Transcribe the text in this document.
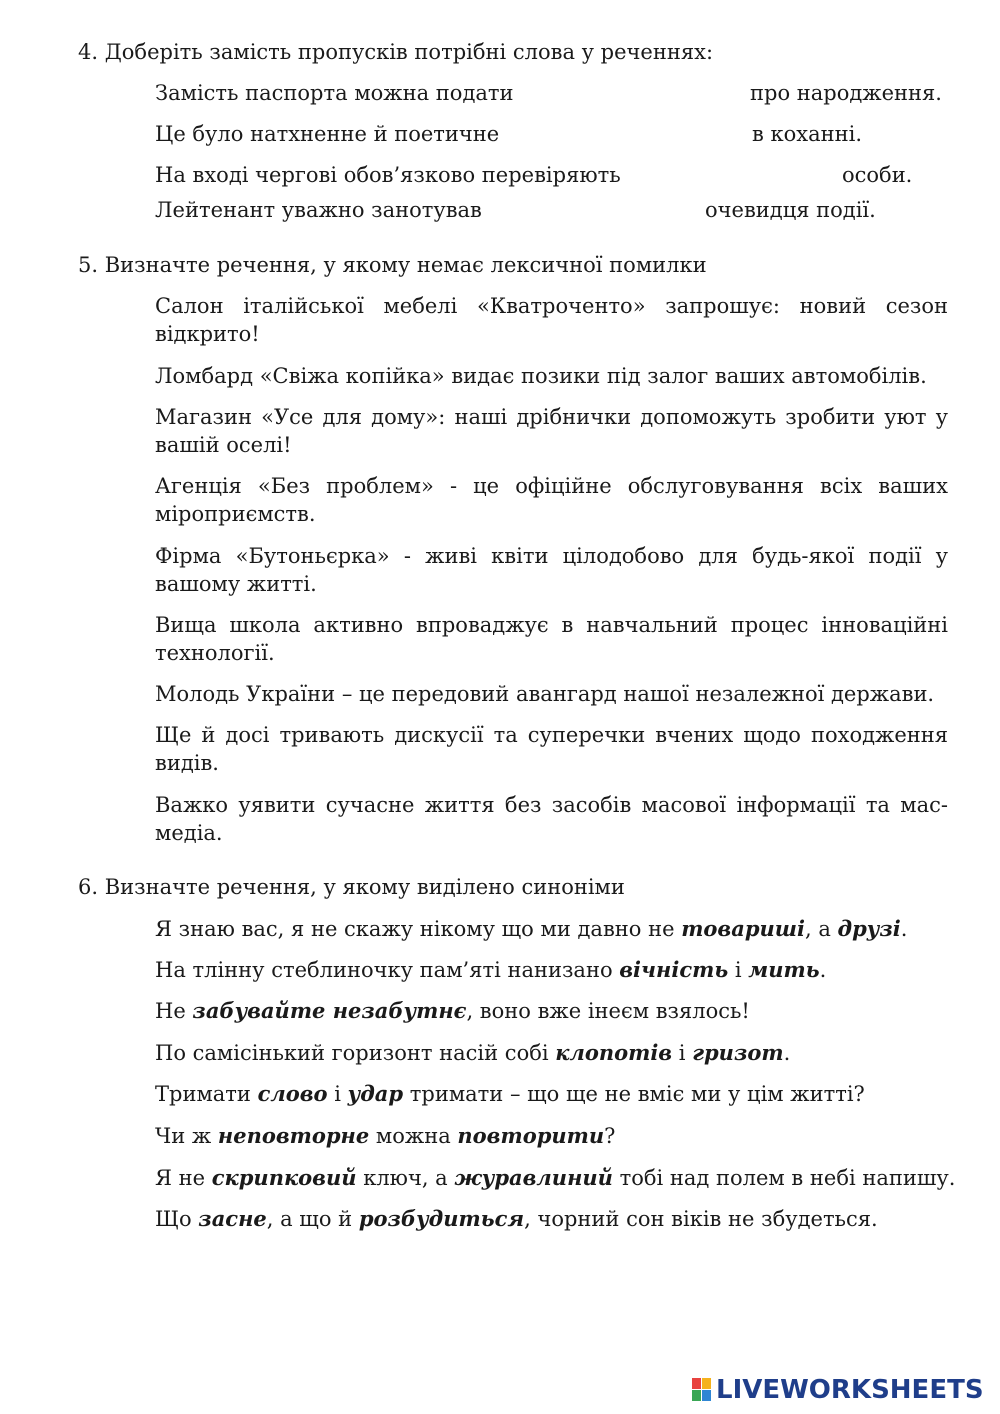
4. Доберіть замість пропусків потрібні слова у реченнях:
Замість паспорта можна подати	про народження.
Це було натхненне й поетичне	в коханні.
На вході чергові обов’язково перевіряють	особи.
Лейтенант уважно занотував	очевидця події.
5. Визначте речення, у якому немає лексичної помилки

Салон італійської мебелі «Кватроченто» запрошує: новий сезон відкрито!

Ломбард «Свіжа копійка» видає позики під залог ваших автомобілів.

Магазин «Усе для дому»: наші дрібнички допоможуть зробити уют у вашій оселі!

Агенція «Без проблем» - це офіційне обслуговування всіх ваших міроприємств.

Фірма «Бутоньєрка» - живі квіти цілодобово для будь-якої події у вашому житті.

Вища школа активно впроваджує в навчальний процес інноваційні технології.

Молодь України – це передовий авангард нашої незалежної держави.

Ще й досі тривають дискусії та суперечки вчених щодо походження видів.

Важко уявити сучасне життя без засобів масової інформації та мас-медіа.

6. Визначте речення, у якому виділено синоніми

Я знаю вас, я не скажу нікому що ми давно не товариші, а друзі.

На тлінну стеблиночку пам’яті нанизано вічність і мить.

Не забувайте незабутнє, воно вже інеєм взялось!

По самісінький горизонт насій собі клопотів і гризот.

Тримати слово і удар тримати – що ще не вміє ми у цім житті?

Чи ж неповторне можна повторити?

Я не скрипковий ключ, а журавлиний тобі над полем в небі напишу.

Що засне, а що й розбудиться, чорний сон віків не збудеться.

LIVEWORKSHEETS
